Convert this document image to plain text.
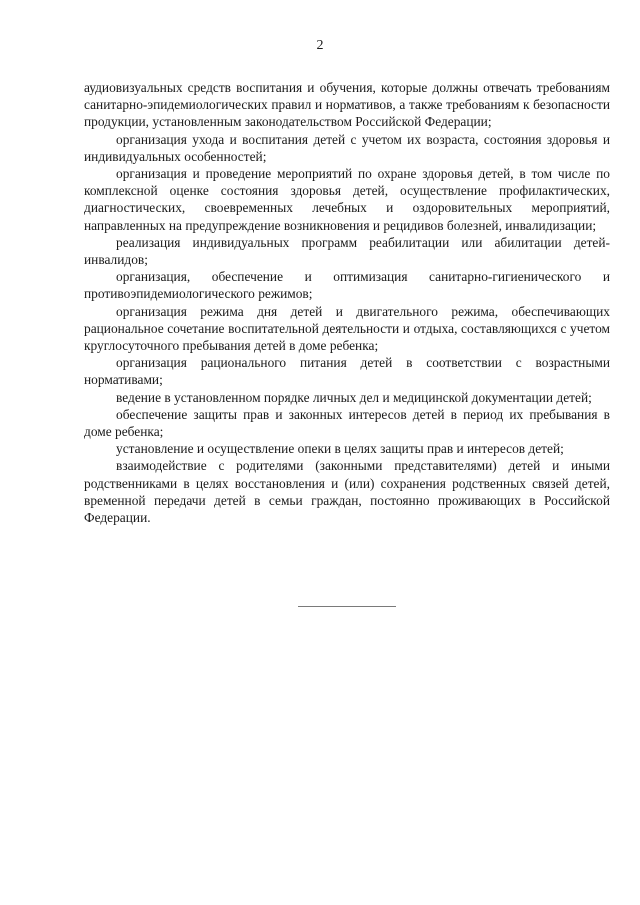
2

аудиовизуальных средств воспитания и обучения, которые должны отвечать требованиям санитарно-эпидемиологических правил и нормативов, а также требованиям к безопасности продукции, установленным законодательством Российской Федерации;

организация ухода и воспитания детей с учетом их возраста, состояния здоровья и индивидуальных особенностей;

организация и проведение мероприятий по охране здоровья детей, в том числе по комплексной оценке состояния здоровья детей, осуществление профилактических, диагностических, своевременных лечебных и оздоровительных мероприятий, направленных на предупреждение возникновения и рецидивов болезней, инвалидизации;

реализация индивидуальных программ реабилитации или абилитации детей-инвалидов;

организация, обеспечение и оптимизация санитарно-гигиенического и противоэпидемиологического режимов;

организация режима дня детей и двигательного режима, обеспечивающих рациональное сочетание воспитательной деятельности и отдыха, составляющихся с учетом круглосуточного пребывания детей в доме ребенка;

организация рационального питания детей в соответствии с возрастными нормативами;

ведение в установленном порядке личных дел и медицинской документации детей;

обеспечение защиты прав и законных интересов детей в период их пребывания в доме ребенка;

установление и осуществление опеки в целях защиты прав и интересов детей;

взаимодействие с родителями (законными представителями) детей и иными родственниками в целях восстановления и (или) сохранения родственных связей детей, временной передачи детей в семьи граждан, постоянно проживающих в Российской Федерации.
